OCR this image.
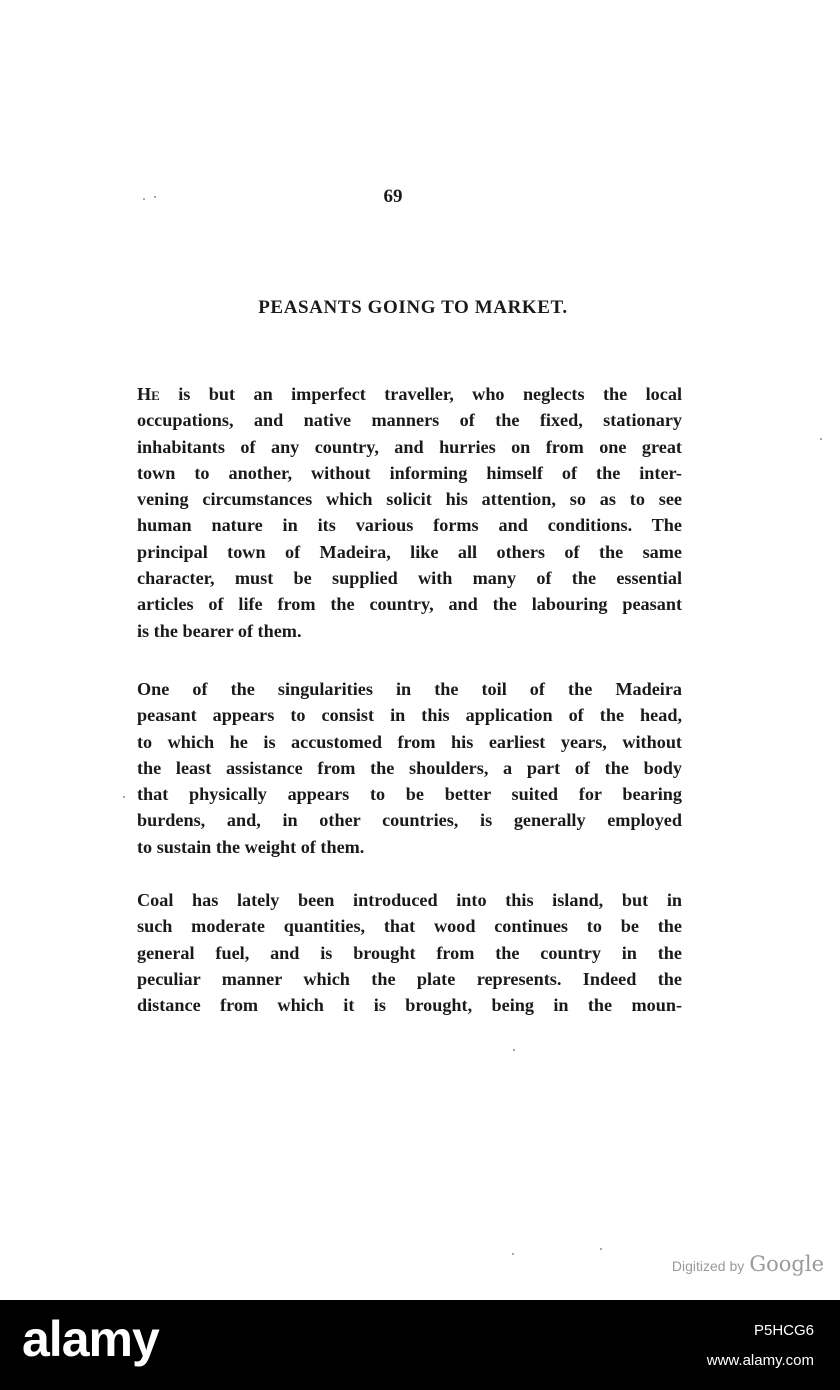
69
PEASANTS GOING TO MARKET.
He is but an imperfect traveller, who neglects the local
occupations, and native manners of the fixed, stationary
inhabitants of any country, and hurries on from one great
town to another, without informing himself of the inter-
vening circumstances which solicit his attention, so as to see
human nature in its various forms and conditions. The
principal town of Madeira, like all others of the same
character, must be supplied with many of the essential
articles of life from the country, and the labouring peasant
is the bearer of them.
One of the singularities in the toil of the Madeira
peasant appears to consist in this application of the head,
to which he is accustomed from his earliest years, without
the least assistance from the shoulders, a part of the body
that physically appears to be better suited for bearing
burdens, and, in other countries, is generally employed
to sustain the weight of them.
Coal has lately been introduced into this island, but in
such moderate quantities, that wood continues to be the
general fuel, and is brought from the country in the
peculiar manner which the plate represents. Indeed the
distance from which it is brought, being in the moun-
Digitized by Google
alamy	P5HCG6
www.alamy.com
